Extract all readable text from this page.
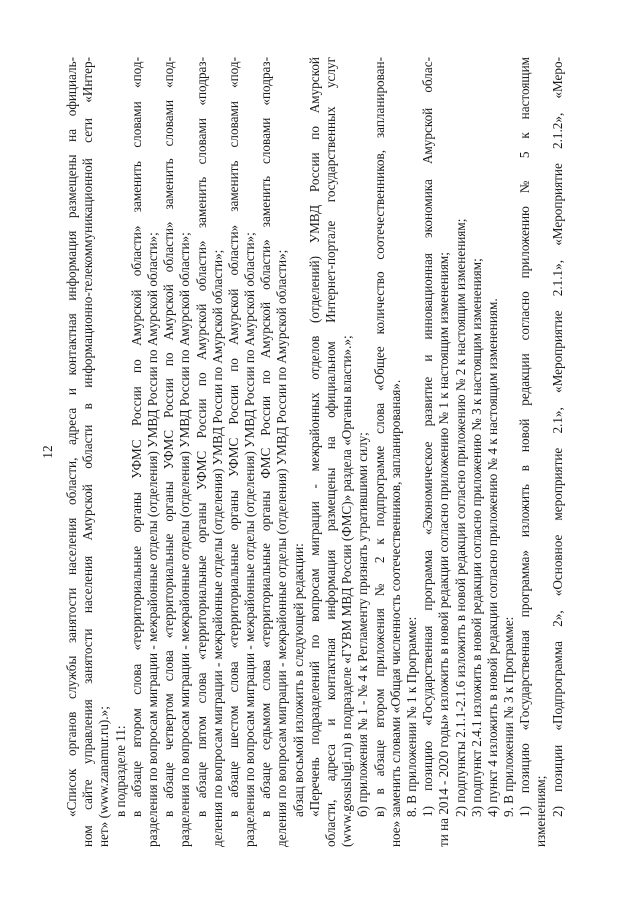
12 «Список органов службы занятости населения области, адреса и контактная информация размещены на официаль- ном сайте управления занятости населения Амурской области в информационно-телекоммуникационной сети «Интер- нет» (www.zanamur.ru).»; в подразделе 11: в абзаце втором слова «территориальные органы УФМС России по Амурской области» заменить словами «под- разделения по вопросам миграции - межрайонные отделы (отделения) УМВД России по Амурской области»; в абзаце четвертом слова «территориальные органы УФМС России по Амурской области» заменить словами «под- разделения по вопросам миграции - межрайонные отделы (отделения) УМВД России по Амурской области»; в абзаце пятом слова «территориальные органы УФМС России по Амурской области» заменить словами «подраз- деления по вопросам миграции - межрайонные отделы (отделения) УМВД России по Амурской области»; в абзаце шестом слова «территориальные органы УФМС России по Амурской области» заменить словами «под- разделения по вопросам миграции - межрайонные отделы (отделения) УМВД России по Амурской области»; в абзаце седьмом слова «территориальные органы ФМС России по Амурской области» заменить словами «подраз- деления по вопросам миграции - межрайонные отделы (отделения) УМВД России по Амурской области»; абзац восьмой изложить в следующей редакции: «Перечень подразделений по вопросам миграции - межрайонных отделов (отделений) УМВД России по Амурской области, адреса и контактная информация размещены на официальном Интернет-портале государственных услуг (www.gosuslugi.ru) в подразделе «ГУВМ МВД России (ФМС)» раздела «Органы власти».»; б) приложения № 1 - № 4 к Регламенту признать утратившими силу; в) в абзаце втором приложения № 2 к подпрограмме слова «Общее количество соотечественников, запланирован- ное» заменить словами «Общая численность соотечественников, запланированая». 8. В приложении № 1 к Программе: 1) позицию «Государственная программа «Экономическое развитие и инновационная экономика Амурской облас- ти на 2014 - 2020 годы» изложить в новой редакции согласно приложению № 1 к настоящим изменениям; 2) подпункты 2.1.1-2.1.6 изложить в новой редакции согласно приложению № 2 к настоящим изменениям; 3) подпункт 2.4.1 изложить в новой редакции согласно приложению № 3 к настоящим изменениям; 4) пункт 4 изложить в новой редакции согласно приложению № 4 к настоящим изменениям. 9. В приложении № 3 к Программе: 1) позицию «Государственная программа» изложить в новой редакции согласно приложению № 5 к настоящим изменениям; 2) позиции «Подпрограмма 2», «Основное мероприятие 2.1», «Мероприятие 2.1.1», «Мероприятие 2.1.2», «Меро-
